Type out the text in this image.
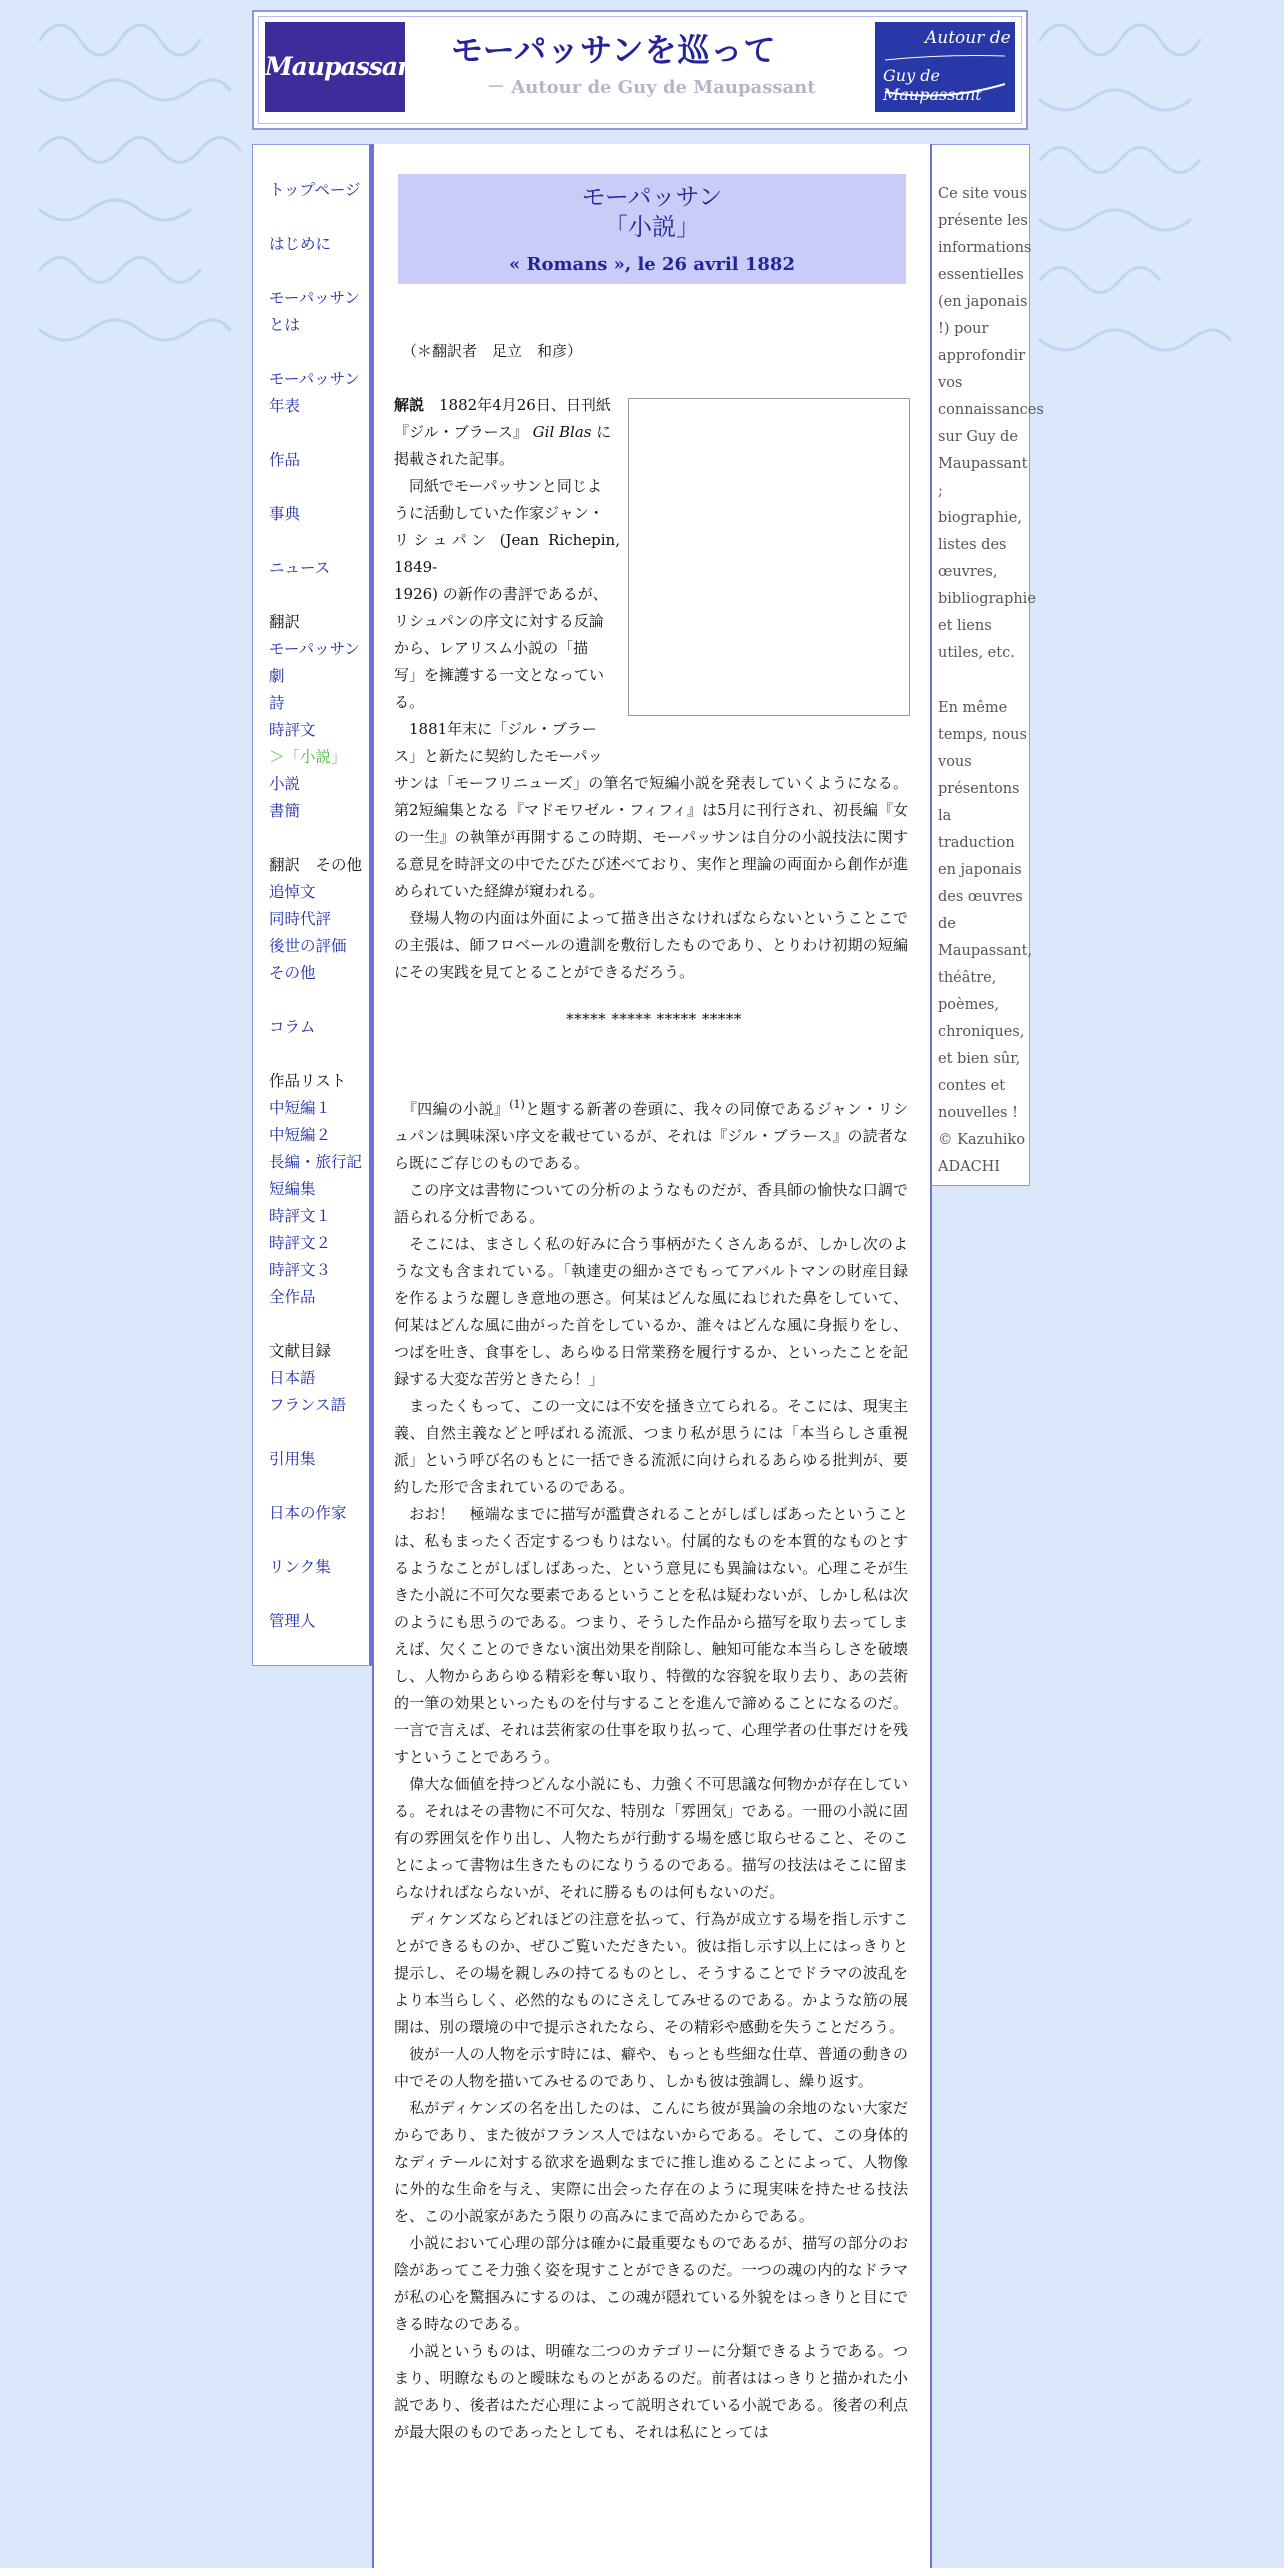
Maupassant.info
モーパッサンを巡って
－ Autour de Guy de Maupassant
Autour de
Guy de Maupassant
トップページ
はじめに
モーパッサンとは
モーパッサン年表
作品
事典
ニュース
翻訳
モーパッサン
劇
詩
時評文
＞「小説」
小説
書簡
翻訳　その他
追悼文
同時代評
後世の評価
その他
コラム
作品リスト
中短編１
中短編２
長編・旅行記
短編集
時評文１
時評文２
時評文３
全作品
文献目録
日本語
フランス語
引用集
日本の作家
リンク集
管理人
モーパッサン
「小説」
« Romans », le 26 avril 1882
（＊翻訳者　足立　和彦）
解説　1882年4月26日、日刊紙
『ジル・ブラース』 Gil Blas に
掲載された記事。
　同紙でモーパッサンと同じよ
うに活動していた作家ジャン・
リシュパン (Jean Richepin, 1849-
1926) の新作の書評であるが、
リシュパンの序文に対する反論
から、レアリスム小説の「描
写」を擁護する一文となってい
る。
　1881年末に「ジル・ブラー
ス」と新たに契約したモーパッ

サンは「モーフリニューズ」の筆名で短編小説を発表していくようになる。第2短編集となる『マドモワゼル・フィフィ』は5月に刊行され、初長編『女の一生』の執筆が再開するこの時期、モーパッサンは自分の小説技法に関する意見を時評文の中でたびたび述べており、実作と理論の両面から創作が進められていた経緯が窺われる。

　登場人物の内面は外面によって描き出さなければならないということこでの主張は、師フロベールの遺訓を敷衍したものであり、とりわけ初期の短編にその実践を見てとることができるだろう。

***** ***** ***** *****

　『四編の小説』$^{(1)}$と題する新著の巻頭に、我々の同僚であるジャン・リシュパンは興味深い序文を載せているが、それは『ジル・ブラース』の読者なら既にご存じのものである。

　この序文は書物についての分析のようなものだが、香具師の愉快な口調で語られる分析である。

　そこには、まさしく私の好みに合う事柄がたくさんあるが、しかし次のような文も含まれている。「執達吏の細かさでもってアバルトマンの財産目録を作るような麗しき意地の悪さ。何某はどんな風にねじれた鼻をしていて、何某はどんな風に曲がった首をしているか、誰々はどんな風に身振りをし、つばを吐き、食事をし、あらゆる日常業務を履行するか、といったことを記録する大変な苦労ときたら！」

　まったくもって、この一文には不安を掻き立てられる。そこには、現実主義、自然主義などと呼ばれる流派、つまり私が思うには「本当らしさ重視派」という呼び名のもとに一括できる流派に向けられるあらゆる批判が、要約した形で含まれているのである。

　おお！　極端なまでに描写が濫費されることがしばしばあったということは、私もまったく否定するつもりはない。付属的なものを本質的なものとするようなことがしばしばあった、という意見にも異論はない。心理こそが生きた小説に不可欠な要素であるということを私は疑わないが、しかし私は次のようにも思うのである。つまり、そうした作品から描写を取り去ってしまえば、欠くことのできない演出効果を削除し、触知可能な本当らしさを破壊し、人物からあらゆる精彩を奪い取り、特徴的な容貌を取り去り、あの芸術的一筆の効果といったものを付与することを進んで諦めることになるのだ。一言で言えば、それは芸術家の仕事を取り払って、心理学者の仕事だけを残すということであろう。

　偉大な価値を持つどんな小説にも、力強く不可思議な何物かが存在している。それはその書物に不可欠な、特別な「雰囲気」である。一冊の小説に固有の雰囲気を作り出し、人物たちが行動する場を感じ取らせること、そのことによって書物は生きたものになりうるのである。描写の技法はそこに留まらなければならないが、それに勝るものは何もないのだ。

　ディケンズならどれほどの注意を払って、行為が成立する場を指し示すことができるものか、ぜひご覧いただきたい。彼は指し示す以上にはっきりと提示し、その場を親しみの持てるものとし、そうすることでドラマの波乱をより本当らしく、必然的なものにさえしてみせるのである。かような筋の展開は、別の環境の中で提示されたなら、その精彩や感動を失うことだろう。

　彼が一人の人物を示す時には、癖や、もっとも些細な仕草、普通の動きの中でその人物を描いてみせるのであり、しかも彼は強調し、繰り返す。

　私がディケンズの名を出したのは、こんにち彼が異論の余地のない大家だからであり、また彼がフランス人ではないからである。そして、この身体的なディテールに対する欲求を過剰なまでに推し進めることによって、人物像に外的な生命を与え、実際に出会った存在のように現実味を持たせる技法を、この小説家があたう限りの高みにまで高めたからである。

　小説において心理の部分は確かに最重要なものであるが、描写の部分のお陰があってこそ力強く姿を現すことができるのだ。一つの魂の内的なドラマが私の心を驚掴みにするのは、この魂が隠れている外貌をはっきりと目にできる時なのである。

　小説というものは、明確な二つのカテゴリーに分類できるようである。つまり、明瞭なものと曖昧なものとがあるのだ。前者ははっきりと描かれた小説であり、後者はただ心理によって説明されている小説である。後者の利点が最大限のものであったとしても、それは私にとっては

Ce site vous présente les informations essentielles (en japonais !) pour approfondir vos connaissances sur Guy de Maupassant ; biographie, listes des œuvres, bibliographie et liens utiles, etc.
En même temps, nous vous présentons la traduction en japonais des œuvres de Maupassant, théâtre, poèmes, chroniques, et bien sûr, contes et nouvelles !
© Kazuhiko ADACHI
